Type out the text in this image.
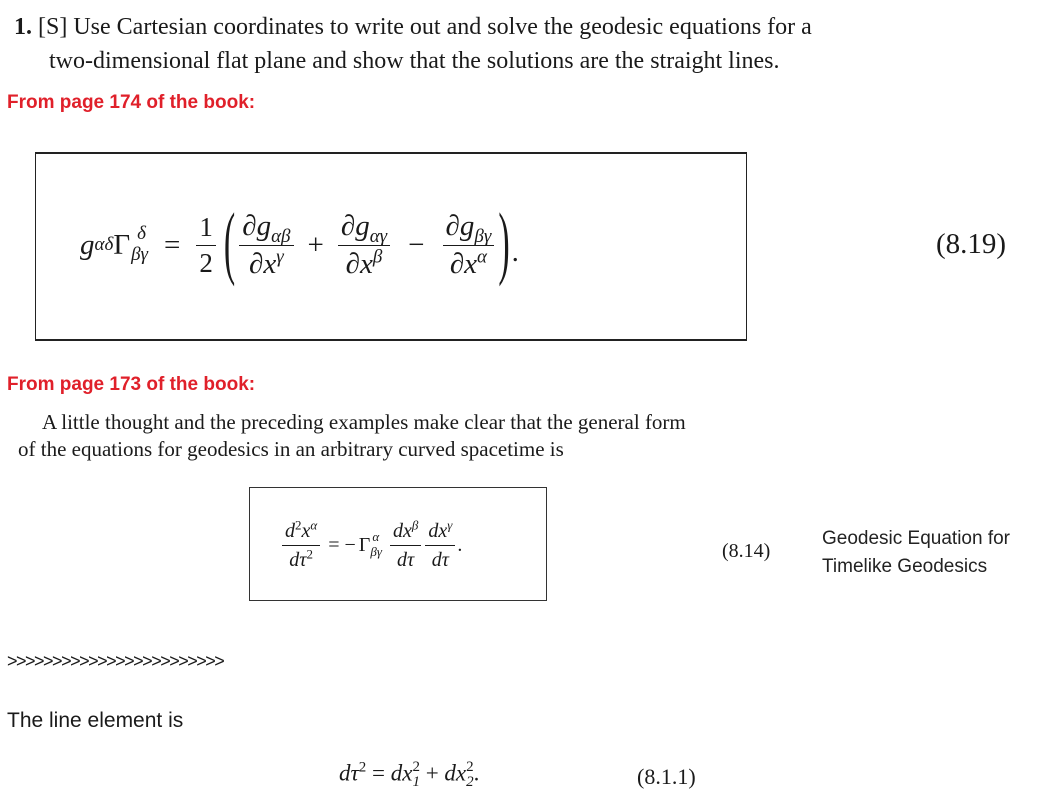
1. [S] Use Cartesian coordinates to write out and solve the geodesic equations for a
two-dimensional flat plane and show that the solutions are the straight lines.
From page 174 of the book:
g αδ Γ δ
$\beta\gamma = \frac{1}{2}$ ( $\frac{\partial g_{\alpha\beta}}{\partial x^\gamma} + \frac{\partial g_{\alpha\gamma}}{\partial x^\beta} - \frac{\partial g_{\beta\gamma}}{\partial x^\alpha}$ ) .	(8.19)
From page 173 of the book:
A little thought and the preceding examples make clear that the general form
of the equations for geodesics in an arbitrary curved spacetime is
$\frac{d^2x^\alpha}{d\tau^2}$ = − Γ α
βγ $\frac{dx^\beta}{d\tau} \frac{dx^\gamma}{d\tau}$ .	(8.14)
Geodesic Equation for
Timelike Geodesics
>>>>>>>>>>>>>>>>>>>>>>>>
The line element is
$d\tau^2$ = dx 2
1 + dx 2
2 .	(8.1.1)
